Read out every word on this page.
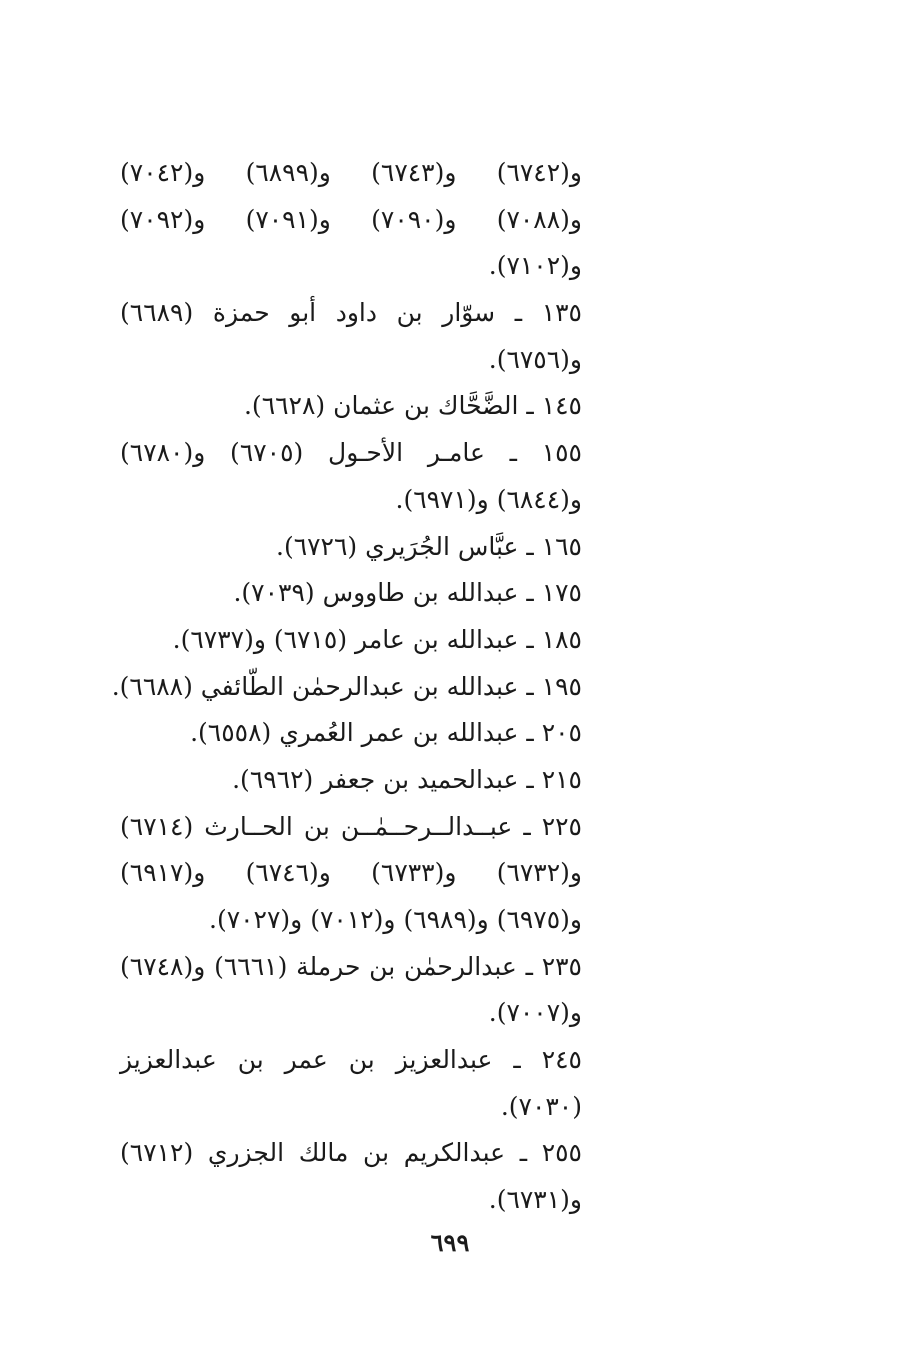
و(٦٧٤٢) و(٦٧٤٣) و(٦٨٩٩) و(٧٠٤٢)
و(٧٠٨٨) و(٧٠٩٠) و(٧٠٩١) و(٧٠٩٢)
و(٧١٠٢).
١٣٥ ـ سوّار بن داود أبو حمزة (٦٦٨٩)
و(٦٧٥٦).
١٤٥ ـ الضَّحَّاك بن عثمان (٦٦٢٨).
١٥٥ ـ عامـر الأحـول (٦٧٠٥) و(٦٧٨٠)
و(٦٨٤٤) و(٦٩٧١).
١٦٥ ـ عبَّاس الجُرَيري (٦٧٢٦).
١٧٥ ـ عبدالله بن طاووس (٧٠٣٩).
١٨٥ ـ عبدالله بن عامر (٦٧١٥) و(٦٧٣٧).
١٩٥ ـ عبدالله بن عبدالرحمٰن الطّائفي (٦٦٨٨).
٢٠٥ ـ عبدالله بن عمر العُمري (٦٥٥٨).
٢١٥ ـ عبدالحميد بن جعفر (٦٩٦٢).
٢٢٥ ـ عبــدالــرحــمٰــن بن الحــارث (٦٧١٤)
و(٦٧٣٢) و(٦٧٣٣) و(٦٧٤٦) و(٦٩١٧)
و(٦٩٧٥) و(٦٩٨٩) و(٧٠١٢) و(٧٠٢٧).
٢٣٥ ـ عبدالرحمٰن بن حرملة (٦٦٦١) و(٦٧٤٨)
و(٧٠٠٧).
٢٤٥ ـ عبدالعزيز بن عمر بن عبدالعزيز
(٧٠٣٠).
٢٥٥ ـ عبدالكريم بن مالك الجزري (٦٧١٢)
و(٦٧٣١).
٦٩٩
